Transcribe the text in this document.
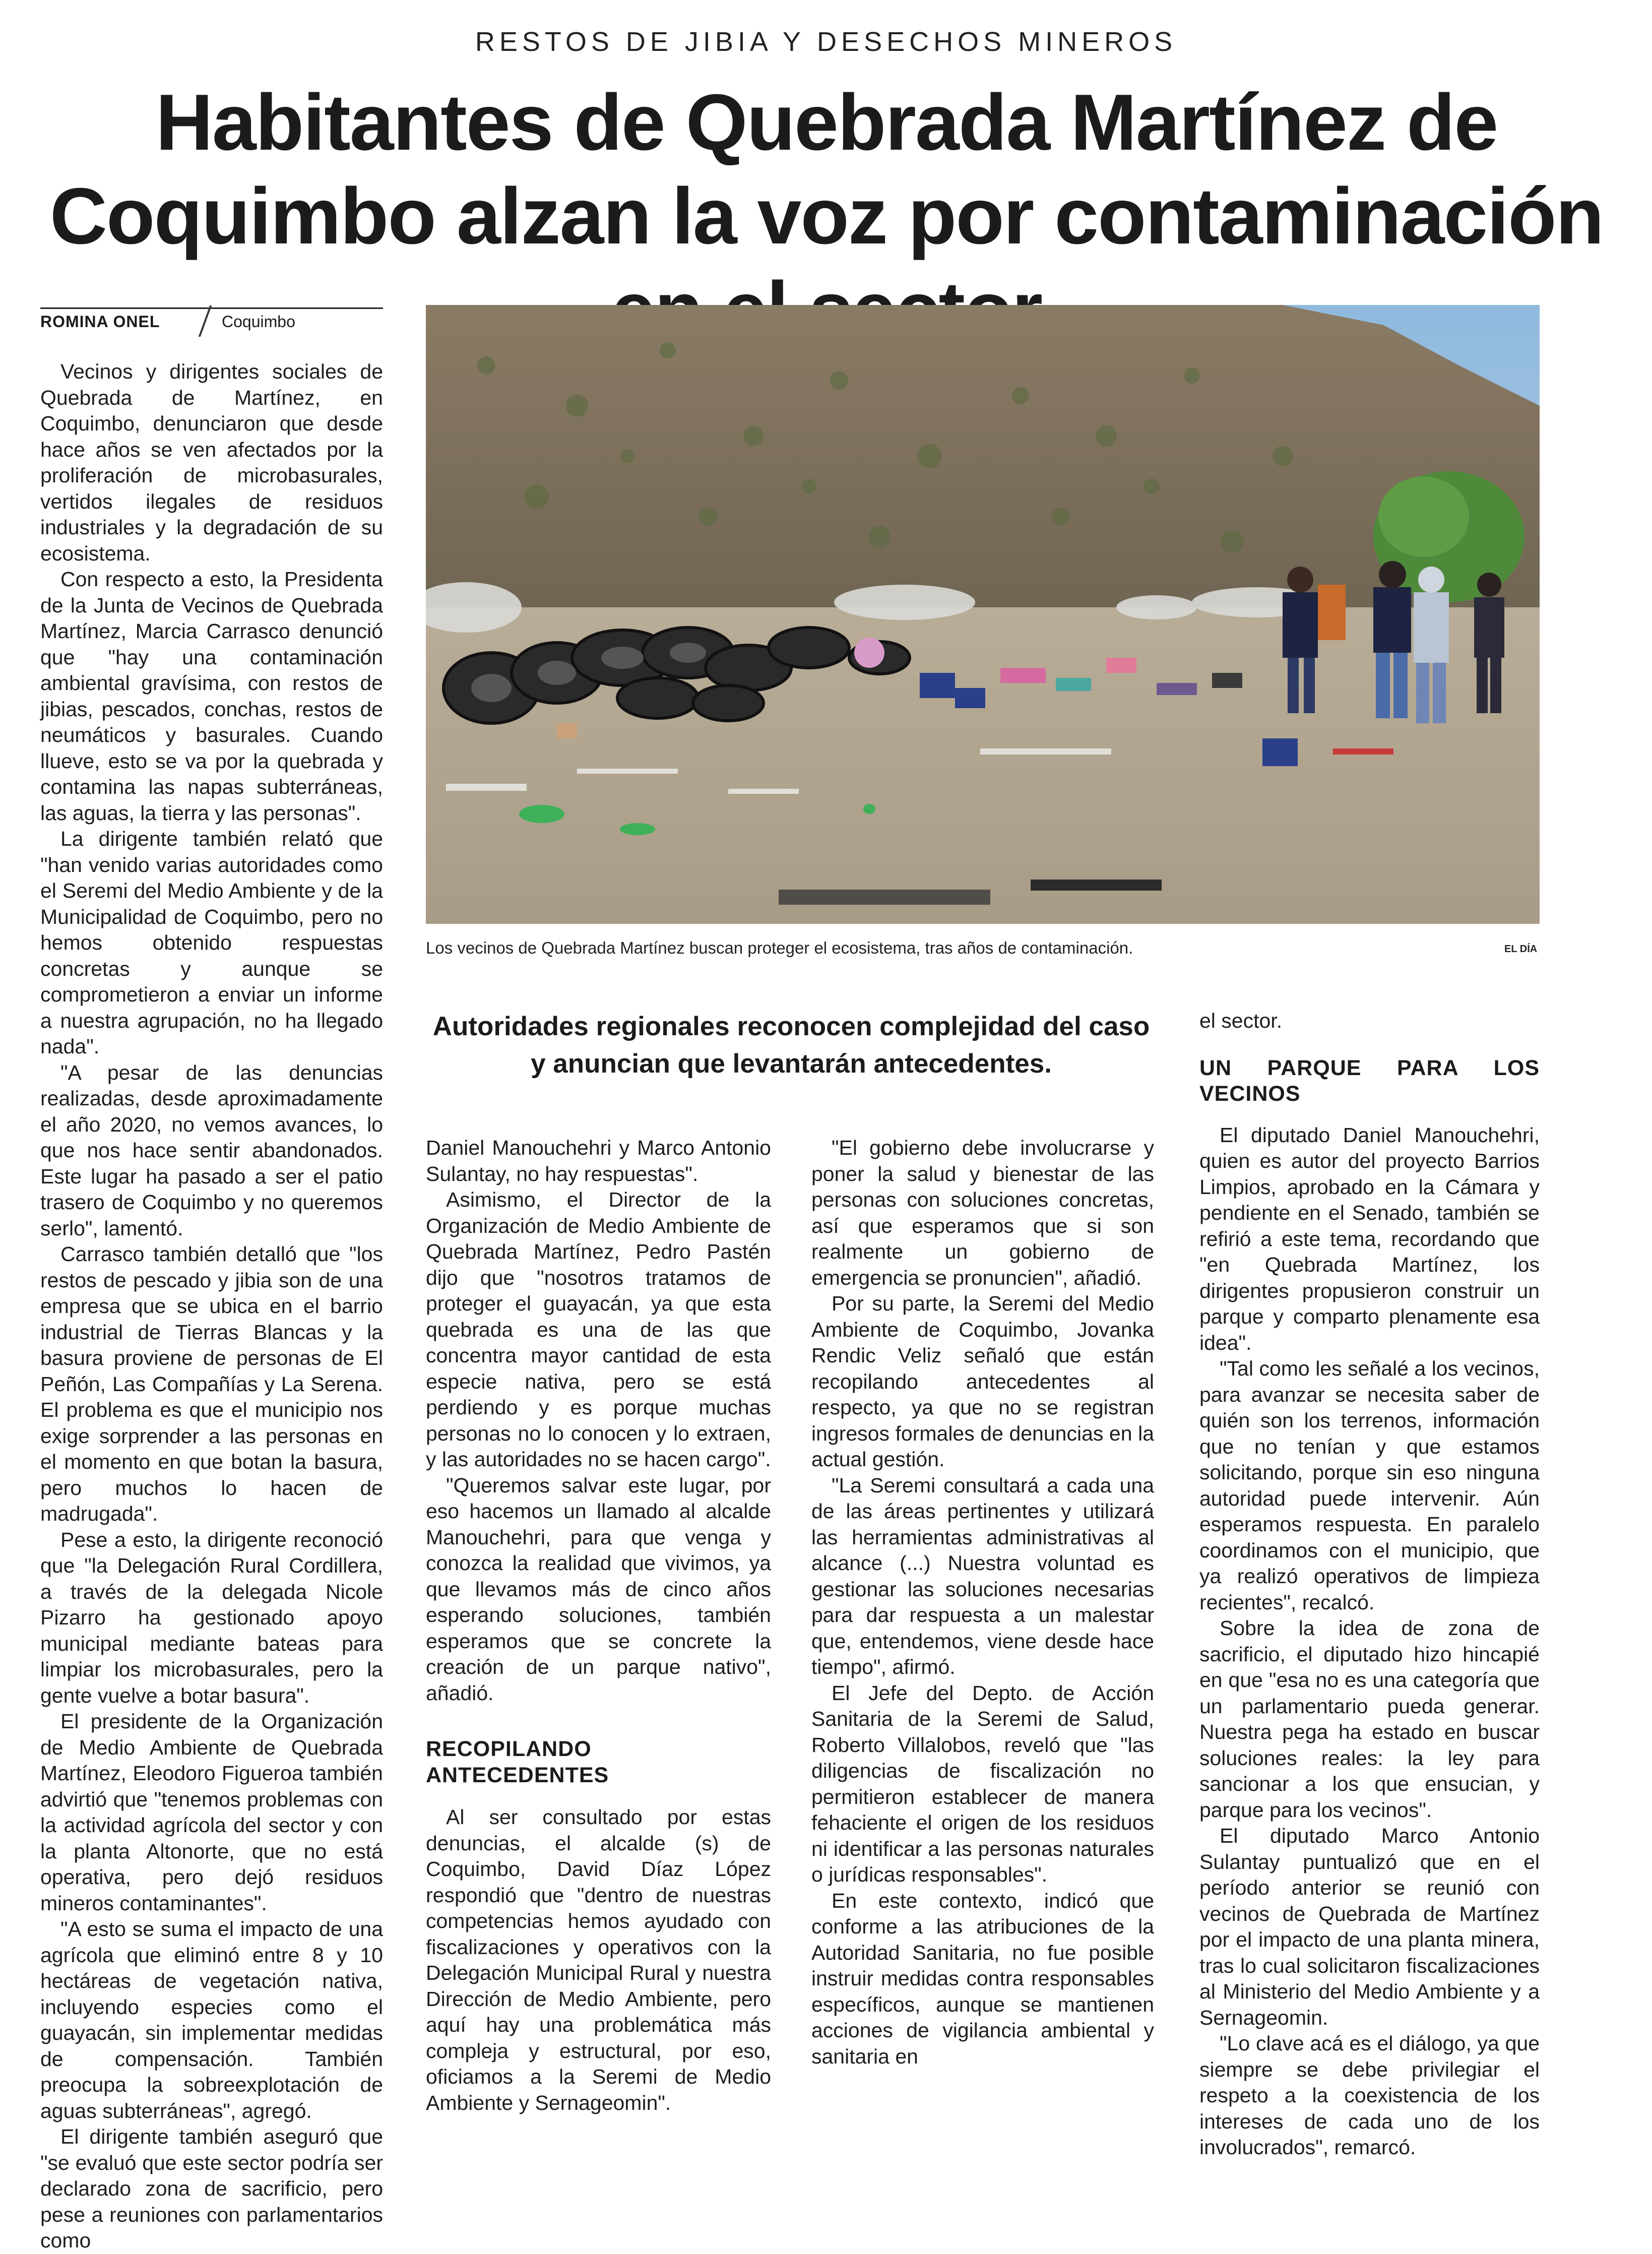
RESTOS DE JIBIA Y DESECHOS MINEROS
Habitantes de Quebrada Martínez de Coquimbo alzan la voz por contaminación
ROMINA ONEL	Coquimbo

Vecinos y dirigentes sociales de Quebrada de Martínez, en Coquimbo, denunciaron que desde hace años se ven afectados por la proliferación de microbasurales, vertidos ilegales de residuos industriales y la degradación de su ecosistema.

Con respecto a esto, la Presidenta de la Junta de Vecinos de Quebrada Martínez, Marcia Carrasco denunció que "hay una contaminación ambiental gravísima, con restos de jibias, pescados, conchas, restos de neumáticos y basurales. Cuando llueve, esto se va por la quebrada y contamina las napas subterráneas, las aguas, la tierra y las personas".

La dirigente también relató que "han venido varias autoridades como el Seremi del Medio Ambiente y de la Municipalidad de Coquimbo, pero no hemos obtenido respuestas concretas y aunque se comprometieron a enviar un informe a nuestra agrupación, no ha llegado nada".

"A pesar de las denuncias realizadas, desde aproximadamente el año 2020, no vemos avances, lo que nos hace sentir abandonados. Este lugar ha pasado a ser el patio trasero de Coquimbo y no queremos serlo", lamentó.

Carrasco también detalló que "los restos de pescado y jibia son de una empresa que se ubica en el barrio industrial de Tierras Blancas y la basura proviene de personas de El Peñón, Las Compañías y La Serena. El problema es que el municipio nos exige sorprender a las personas en el momento en que botan la basura, pero muchos lo hacen de madrugada".

Pese a esto, la dirigente reconoció que "la Delegación Rural Cordillera, a través de la delegada Nicole Pizarro ha gestionado apoyo municipal mediante bateas para limpiar los microbasurales, pero la gente vuelve a botar basura".

El presidente de la Organización de Medio Ambiente de Quebrada Martínez, Eleodoro Figueroa también advirtió que "tenemos problemas con la actividad agrícola del sector y con la planta Altonorte, que no está operativa, pero dejó residuos mineros contaminantes".

"A esto se suma el impacto de una agrícola que eliminó entre 8 y 10 hectáreas de vegetación nativa, incluyendo especies como el guayacán, sin implementar medidas de compensación. También preocupa la sobreexplotación de aguas subterráneas", agregó.

El dirigente también aseguró que "se evaluó que este sector podría ser declarado zona de sacrificio, pero pese a reuniones con parlamentarios como

Los vecinos de Quebrada Martínez buscan proteger el ecosistema, tras años de contaminación.	EL DÍA
Autoridades regionales reconocen complejidad del caso y anuncian que levantarán antecedentes.

Daniel Manouchehri y Marco Antonio Sulantay, no hay respuestas".

Asimismo, el Director de la Organización de Medio Ambiente de Quebrada Martínez, Pedro Pastén dijo que "nosotros tratamos de proteger el guayacán, ya que esta quebrada es una de las que concentra mayor cantidad de esta especie nativa, pero se está perdiendo y es porque muchas personas no lo conocen y lo extraen, y las autoridades no se hacen cargo".

"Queremos salvar este lugar, por eso hacemos un llamado al alcalde Manouchehri, para que venga y conozca la realidad que vivimos, ya que llevamos más de cinco años esperando soluciones, también esperamos que se concrete la creación de un parque nativo", añadió.

RECOPILANDO ANTECEDENTES

Al ser consultado por estas denuncias, el alcalde (s) de Coquimbo, David Díaz López respondió que "dentro de nuestras competencias hemos ayudado con fiscalizaciones y operativos con la Delegación Municipal Rural y nuestra Dirección de Medio Ambiente, pero aquí hay una problemática más compleja y estructural, por eso, oficiamos a la Seremi de Medio Ambiente y Sernageomin".

"El gobierno debe involucrarse y poner la salud y bienestar de las personas con soluciones concretas, así que esperamos que si son realmente un gobierno de emergencia se pronuncien", añadió.

Por su parte, la Seremi del Medio Ambiente de Coquimbo, Jovanka Rendic Veliz señaló que están recopilando antecedentes al respecto, ya que no se registran ingresos formales de denuncias en la actual gestión.

"La Seremi consultará a cada una de las áreas pertinentes y utilizará las herramientas administrativas al alcance (...) Nuestra voluntad es gestionar las soluciones necesarias para dar respuesta a un malestar que, entendemos, viene desde hace tiempo", afirmó.

El Jefe del Depto. de Acción Sanitaria de la Seremi de Salud, Roberto Villalobos, reveló que "las diligencias de fiscalización no permitieron establecer de manera fehaciente el origen de los residuos ni identificar a las personas naturales o jurídicas responsables".

En este contexto, indicó que conforme a las atribuciones de la Autoridad Sanitaria, no fue posible instruir medidas contra responsables específicos, aunque se mantienen acciones de vigilancia ambiental y sanitaria en

el sector.

UN PARQUE PARA LOS VECINOS

El diputado Daniel Manouchehri, quien es autor del proyecto Barrios Limpios, aprobado en la Cámara y pendiente en el Senado, también se refirió a este tema, recordando que "en Quebrada Martínez, los dirigentes propusieron construir un parque y comparto plenamente esa idea".

"Tal como les señalé a los vecinos, para avanzar se necesita saber de quién son los terrenos, información que no tenían y que estamos solicitando, porque sin eso ninguna autoridad puede intervenir. Aún esperamos respuesta. En paralelo coordinamos con el municipio, que ya realizó operativos de limpieza recientes", recalcó.

Sobre la idea de zona de sacrificio, el diputado hizo hincapié en que "esa no es una categoría que un parlamentario pueda generar. Nuestra pega ha estado en buscar soluciones reales: la ley para sancionar a los que ensucian, y parque para los vecinos".

El diputado Marco Antonio Sulantay puntualizó que en el período anterior se reunió con vecinos de Quebrada de Martínez por el impacto de una planta minera, tras lo cual solicitaron fiscalizaciones al Ministerio del Medio Ambiente y a Sernageomin.

"Lo clave acá es el diálogo, ya que siempre se debe privilegiar el respeto a la coexistencia de los intereses de cada uno de los involucrados", remarcó.
